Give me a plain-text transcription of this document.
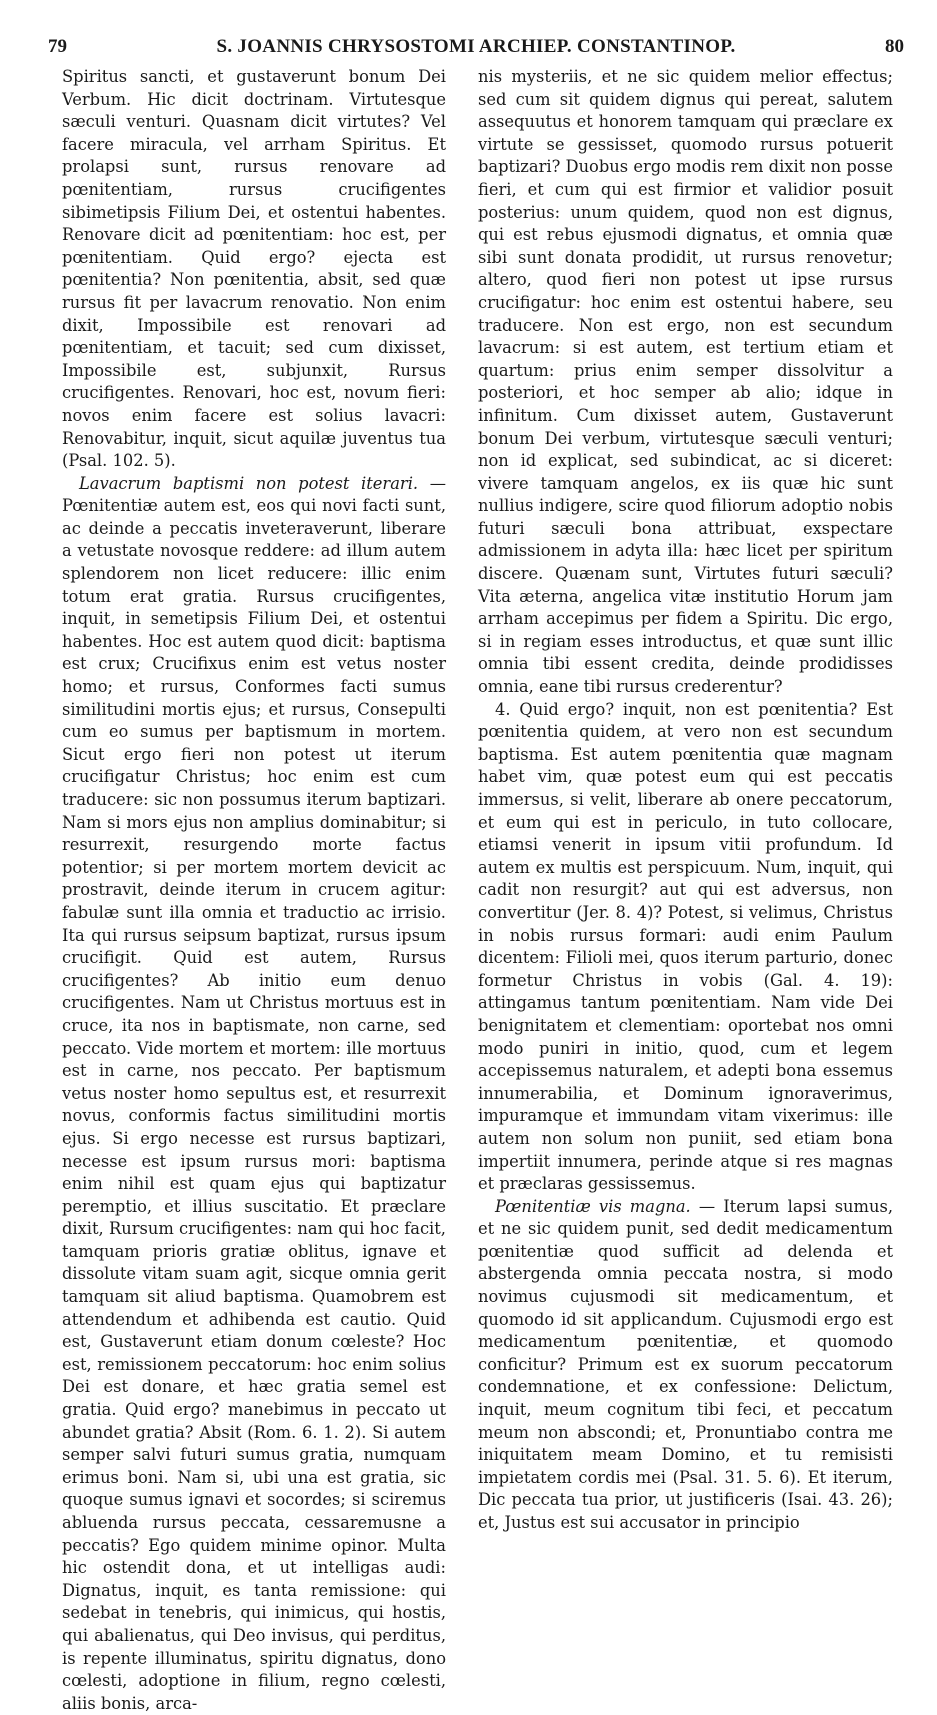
79	S. JOANNIS CHRYSOSTOMI ARCHIEP. CONSTANTINOP.	80

Spiritus sancti, et gustaverunt bonum Dei Verbum. Hic dicit doctrinam. Virtutesque sæculi venturi. Quasnam dicit virtutes? Vel facere miracula, vel arrham Spiritus. Et prolapsi sunt, rursus renovare ad pœnitentiam, rursus crucifigentes sibimetipsis Filium Dei, et ostentui habentes. Renovare dicit ad pœnitentiam: hoc est, per pœnitentiam. Quid ergo? ejecta est pœnitentia? Non pœnitentia, absit, sed quæ rursus fit per lavacrum renovatio. Non enim dixit, Impossibile est renovari ad pœnitentiam, et tacuit; sed cum dixisset, Impossibile est, subjunxit, Rursus crucifigentes. Renovari, hoc est, novum fieri: novos enim facere est solius lavacri: Renovabitur, inquit, sicut aquilæ juventus tua (Psal. 102. 5).

Lavacrum baptismi non potest iterari. — Pœnitentiæ autem est, eos qui novi facti sunt, ac deinde a peccatis inveteraverunt, liberare a vetustate novosque reddere: ad illum autem splendorem non licet reducere: illic enim totum erat gratia. Rursus crucifigentes, inquit, in semetipsis Filium Dei, et ostentui habentes. Hoc est autem quod dicit: baptisma est crux; Crucifixus enim est vetus noster homo; et rursus, Conformes facti sumus similitudini mortis ejus; et rursus, Consepulti cum eo sumus per baptismum in mortem. Sicut ergo fieri non potest ut iterum crucifigatur Christus; hoc enim est cum traducere: sic non possumus iterum baptizari. Nam si mors ejus non amplius dominabitur; si resurrexit, resurgendo morte factus potentior; si per mortem mortem devicit ac prostravit, deinde iterum in crucem agitur: fabulæ sunt illa omnia et traductio ac irrisio. Ita qui rursus seipsum baptizat, rursus ipsum crucifigit. Quid est autem, Rursus crucifigentes? Ab initio eum denuo crucifigentes. Nam ut Christus mortuus est in cruce, ita nos in baptismate, non carne, sed peccato. Vide mortem et mortem: ille mortuus est in carne, nos peccato. Per baptismum vetus noster homo sepultus est, et resurrexit novus, conformis factus similitudini mortis ejus. Si ergo necesse est rursus baptizari, necesse est ipsum rursus mori: baptisma enim nihil est quam ejus qui baptizatur peremptio, et illius suscitatio. Et præclare dixit, Rursum crucifigentes: nam qui hoc facit, tamquam prioris gratiæ oblitus, ignave et dissolute vitam suam agit, sicque omnia gerit tamquam sit aliud baptisma. Quamobrem est attendendum et adhibenda est cautio. Quid est, Gustaverunt etiam donum cœleste? Hoc est, remissionem peccatorum: hoc enim solius Dei est donare, et hæc gratia semel est gratia. Quid ergo? manebimus in peccato ut abundet gratia? Absit (Rom. 6. 1. 2). Si autem semper salvi futuri sumus gratia, numquam erimus boni. Nam si, ubi una est gratia, sic quoque sumus ignavi et socordes; si sciremus abluenda rursus peccata, cessaremusne a peccatis? Ego quidem minime opinor. Multa hic ostendit dona, et ut intelligas audi: Dignatus, inquit, es tanta remissione: qui sedebat in tenebris, qui inimicus, qui hostis, qui abalienatus, qui Deo invisus, qui perditus, is repente illuminatus, spiritu dignatus, dono cœlesti, adoptione in filium, regno cœlesti, aliis bonis, arca-

nis mysteriis, et ne sic quidem melior effectus; sed cum sit quidem dignus qui pereat, salutem assequutus et honorem tamquam qui præclare ex virtute se gessisset, quomodo rursus potuerit baptizari? Duobus ergo modis rem dixit non posse fieri, et cum qui est firmior et validior posuit posterius: unum quidem, quod non est dignus, qui est rebus ejusmodi dignatus, et omnia quæ sibi sunt donata prodidit, ut rursus renovetur; altero, quod fieri non potest ut ipse rursus crucifigatur: hoc enim est ostentui habere, seu traducere. Non est ergo, non est secundum lavacrum: si est autem, est tertium etiam et quartum: prius enim semper dissolvitur a posteriori, et hoc semper ab alio; idque in infinitum. Cum dixisset autem, Gustaverunt bonum Dei verbum, virtutesque sæculi venturi; non id explicat, sed subindicat, ac si diceret: vivere tamquam angelos, ex iis quæ hic sunt nullius indigere, scire quod filiorum adoptio nobis futuri sæculi bona attribuat, exspectare admissionem in adyta illa: hæc licet per spiritum discere. Quænam sunt, Virtutes futuri sæculi? Vita æterna, angelica vitæ institutio Horum jam arrham accepimus per fidem a Spiritu. Dic ergo, si in regiam esses introductus, et quæ sunt illic omnia tibi essent credita, deinde prodidisses omnia, eane tibi rursus crederentur?

4. Quid ergo? inquit, non est pœnitentia? Est pœnitentia quidem, at vero non est secundum baptisma. Est autem pœnitentia quæ magnam habet vim, quæ potest eum qui est peccatis immersus, si velit, liberare ab onere peccatorum, et eum qui est in periculo, in tuto collocare, etiamsi venerit in ipsum vitii profundum. Id autem ex multis est perspicuum. Num, inquit, qui cadit non resurgit? aut qui est adversus, non convertitur (Jer. 8. 4)? Potest, si velimus, Christus in nobis rursus formari: audi enim Paulum dicentem: Filioli mei, quos iterum parturio, donec formetur Christus in vobis (Gal. 4. 19): attingamus tantum pœnitentiam. Nam vide Dei benignitatem et clementiam: oportebat nos omni modo puniri in initio, quod, cum et legem accepissemus naturalem, et adepti bona essemus innumerabilia, et Dominum ignoraverimus, impuramque et immundam vitam vixerimus: ille autem non solum non puniit, sed etiam bona impertiit innumera, perinde atque si res magnas et præclaras gessissemus.

Pœnitentiæ vis magna. — Iterum lapsi sumus, et ne sic quidem punit, sed dedit medicamentum pœnitentiæ quod sufficit ad delenda et abstergenda omnia peccata nostra, si modo novimus cujusmodi sit medicamentum, et quomodo id sit applicandum. Cujusmodi ergo est medicamentum pœnitentiæ, et quomodo conficitur? Primum est ex suorum peccatorum condemnatione, et ex confessione: Delictum, inquit, meum cognitum tibi feci, et peccatum meum non abscondi; et, Pronuntiabo contra me iniquitatem meam Domino, et tu remisisti impietatem cordis mei (Psal. 31. 5. 6). Et iterum, Dic peccata tua prior, ut justificeris (Isai. 43. 26); et, Justus est sui accusator in principio
